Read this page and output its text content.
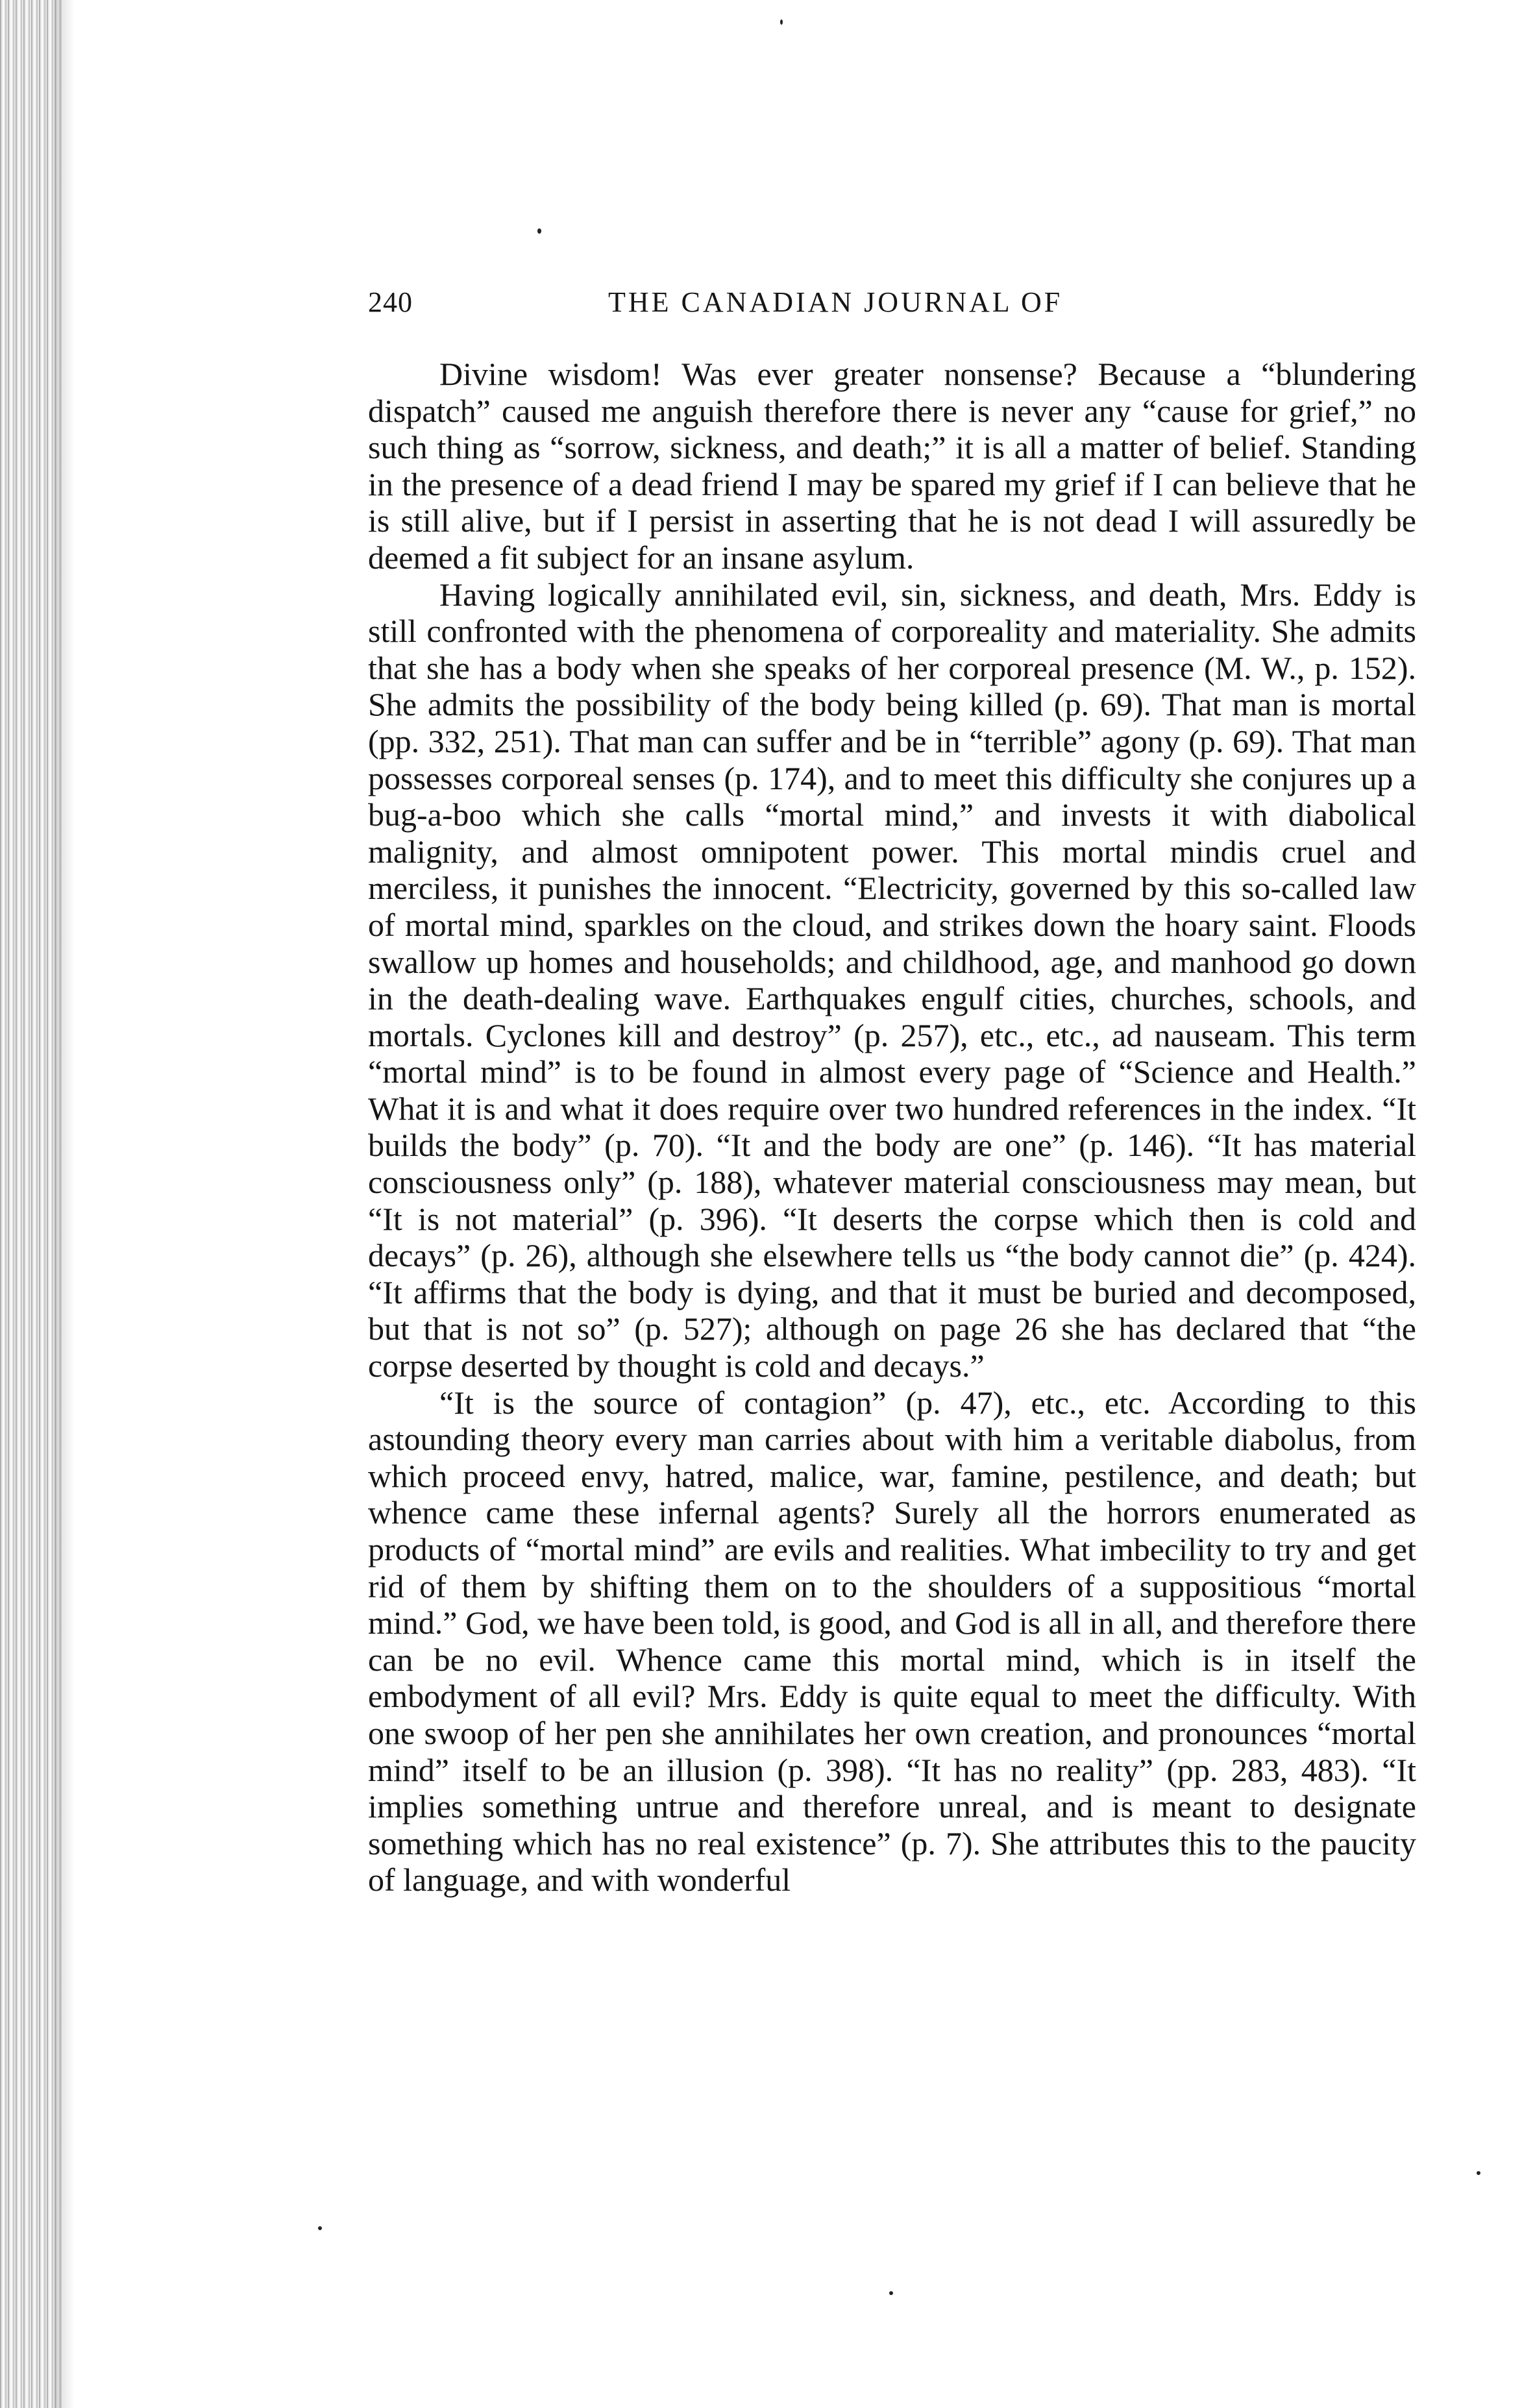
240	THE CANADIAN JOURNAL OF

Divine wisdom! Was ever greater nonsense? Because a “blundering dispatch” caused me anguish therefore there is never any “cause for grief,” no such thing as “sorrow, sickness, and death;” it is all a matter of belief. Standing in the presence of a dead friend I may be spared my grief if I can believe that he is still alive, but if I persist in asserting that he is not dead I will assuredly be deemed a fit subject for an insane asylum.

Having logically annihilated evil, sin, sickness, and death, Mrs. Eddy is still confronted with the phenomena of corporeality and materiality. She admits that she has a body when she speaks of her corporeal presence (M. W., p. 152). She admits the possibility of the body being killed (p. 69). That man is mortal (pp. 332, 251). That man can suffer and be in “terrible” agony (p. 69). That man possesses corporeal senses (p. 174), and to meet this difficulty she conjures up a bug-a-boo which she calls “mortal mind,” and invests it with diabolical malignity, and almost omnipotent power. This mortal mindis cruel and merciless, it punishes the innocent. “Electricity, governed by this so-called law of mortal mind, sparkles on the cloud, and strikes down the hoary saint. Floods swallow up homes and households; and childhood, age, and manhood go down in the death-dealing wave. Earthquakes engulf cities, churches, schools, and mortals. Cyclones kill and destroy” (p. 257), etc., etc., ad nauseam. This term “mortal mind” is to be found in almost every page of “Science and Health.” What it is and what it does require over two hundred references in the index. “It builds the body” (p. 70). “It and the body are one” (p. 146). “It has material consciousness only” (p. 188), whatever material consciousness may mean, but “It is not material” (p. 396). “It deserts the corpse which then is cold and decays” (p. 26), although she elsewhere tells us “the body cannot die” (p. 424). “It affirms that the body is dying, and that it must be buried and decomposed, but that is not so” (p. 527); although on page 26 she has declared that “the corpse deserted by thought is cold and decays.”

“It is the source of contagion” (p. 47), etc., etc. According to this astounding theory every man carries about with him a veritable diabolus, from which proceed envy, hatred, malice, war, famine, pestilence, and death; but whence came these infernal agents? Surely all the horrors enumerated as products of “mortal mind” are evils and realities. What imbecility to try and get rid of them by shifting them on to the shoulders of a suppositious “mortal mind.” God, we have been told, is good, and God is all in all, and therefore there can be no evil. Whence came this mortal mind, which is in itself the embodyment of all evil? Mrs. Eddy is quite equal to meet the difficulty. With one swoop of her pen she annihilates her own creation, and pronounces “mortal mind” itself to be an illusion (p. 398). “It has no reality” (pp. 283, 483). “It implies something untrue and therefore unreal, and is meant to designate something which has no real existence” (p. 7). She attributes this to the paucity of language, and with wonderful
